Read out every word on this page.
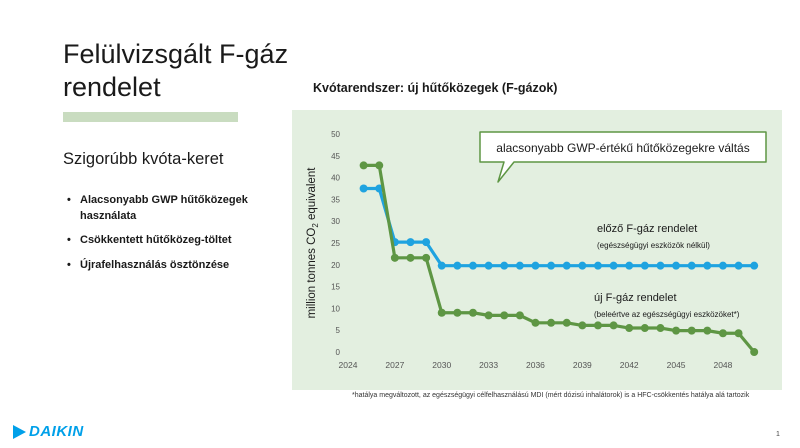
Felülvizsgált F-gáz rendelet
Szigorúbb kvóta-keret
• Alacsonyabb GWP hűtőközegek használata
• Csökkentett hűtőközeg-töltet
• Újrafelhasználás ösztönzése
Kvótarendszer: új hűtőközegek (F-gázok)
0
5
10
15
20
25
30
35
40
45
50
2024	2027	2030	2033	2036	2039	2042	2045	2048
million tonnes $CO_2$ equivalent
előző F-gáz rendelet
(egészségügyi eszközök nélkül)
új F-gáz rendelet
(beleértve az egészségügyi eszközöket*)
alacsonyabb GWP-értékű hűtőközegekre váltás
*hatálya megváltozott, az egészségügyi célfelhasználású MDI (mért dózisú inhalátorok) is a HFC-csökkentés hatálya alá tartozik
DAIKIN	1
